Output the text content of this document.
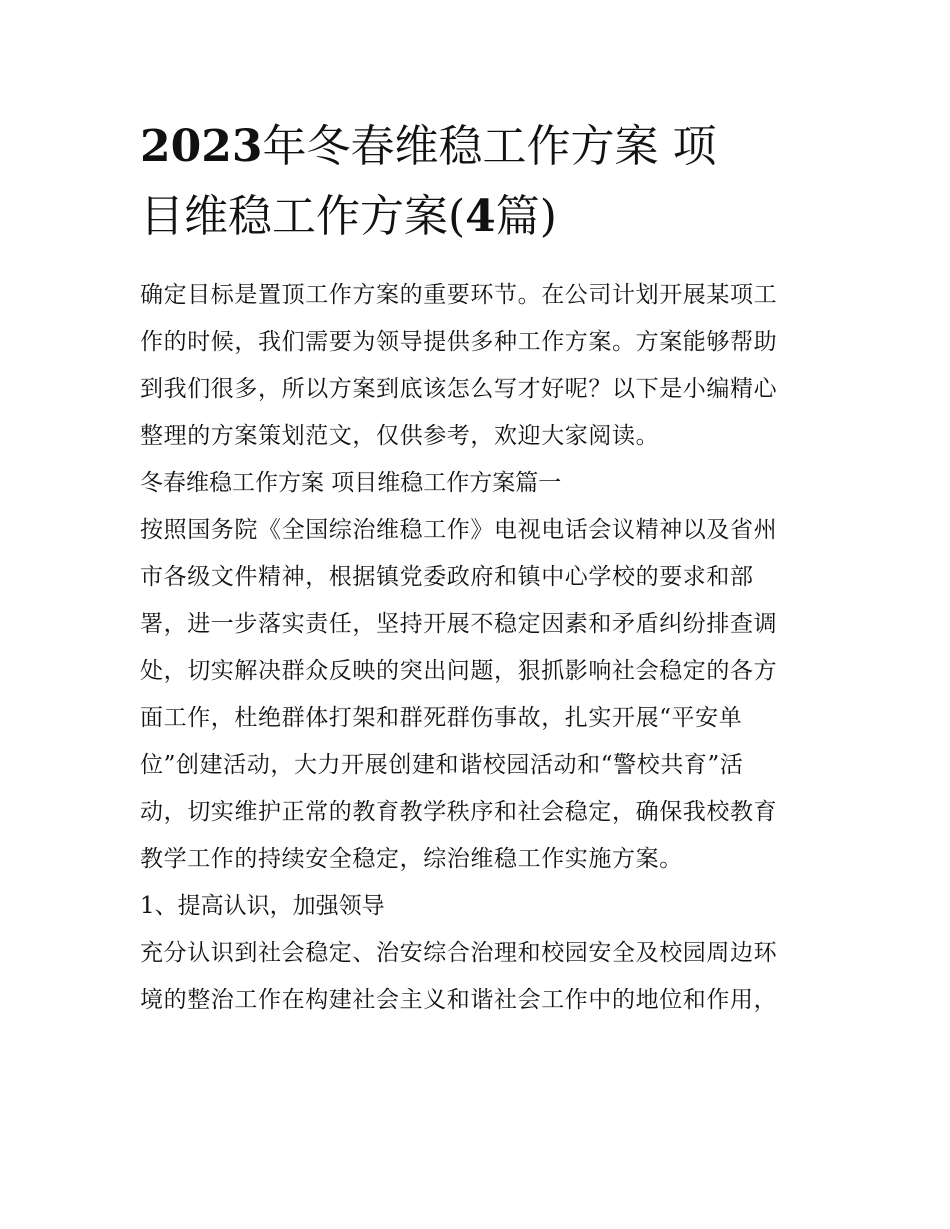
2023年冬春维稳工作方案 项
目维稳工作方案(4篇)

确定目标是置顶工作方案的重要环节。在公司计划开展某项工
作的时候，我们需要为领导提供多种工作方案。方案能够帮助
到我们很多，所以方案到底该怎么写才好呢？以下是小编精心
整理的方案策划范文，仅供参考，欢迎大家阅读。

冬春维稳工作方案 项目维稳工作方案篇一

按照国务院《全国综治维稳工作》电视电话会议精神以及省州
市各级文件精神，根据镇党委政府和镇中心学校的要求和部
署，进一步落实责任，坚持开展不稳定因素和矛盾纠纷排查调
处，切实解决群众反映的突出问题，狠抓影响社会稳定的各方
面工作，杜绝群体打架和群死群伤事故，扎实开展“平安单
位”创建活动，大力开展创建和谐校园活动和“警校共育”活
动，切实维护正常的教育教学秩序和社会稳定，确保我校教育
教学工作的持续安全稳定，综治维稳工作实施方案。

1、提高认识，加强领导

充分认识到社会稳定、治安综合治理和校园安全及校园周边环
境的整治工作在构建社会主义和谐社会工作中的地位和作用，
